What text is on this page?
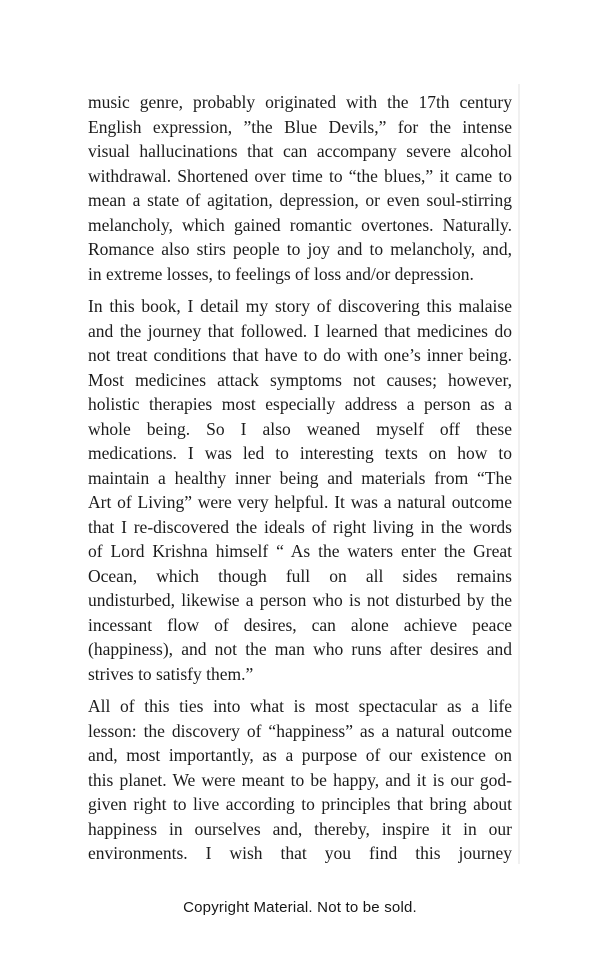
music genre, probably originated with the 17th century
English expression, ”the Blue Devils,” for the intense
visual hallucinations that can accompany severe alcohol
withdrawal. Shortened over time to “the blues,” it came to
mean a state of agitation, depression, or even soul-stirring
melancholy, which gained romantic overtones. Naturally.
Romance also stirs people to joy and to melancholy, and,
in extreme losses, to feelings of loss and/or depression.

In this book, I detail my story of discovering this malaise
and the journey that followed. I learned that medicines do
not treat conditions that have to do with one’s inner being.
Most medicines attack symptoms not causes; however,
holistic therapies most especially address a person as a
whole being. So I also weaned myself off these
medications. I was led to interesting texts on how to
maintain a healthy inner being and materials from “The
Art of Living” were very helpful. It was a natural outcome
that I re-discovered the ideals of right living in the words
of Lord Krishna himself “ As the waters enter the Great
Ocean, which though full on all sides remains
undisturbed, likewise a person who is not disturbed by the
incessant flow of desires, can alone achieve peace
(happiness), and not the man who runs after desires and
strives to satisfy them.”

All of this ties into what is most spectacular as a life
lesson: the discovery of “happiness” as a natural outcome
and, most importantly, as a purpose of our existence on
this planet. We were meant to be happy, and it is our god-
given right to live according to principles that bring about
happiness in ourselves and, thereby, inspire it in our
environments. I wish that you find this journey

Copyright Material. Not to be sold.
